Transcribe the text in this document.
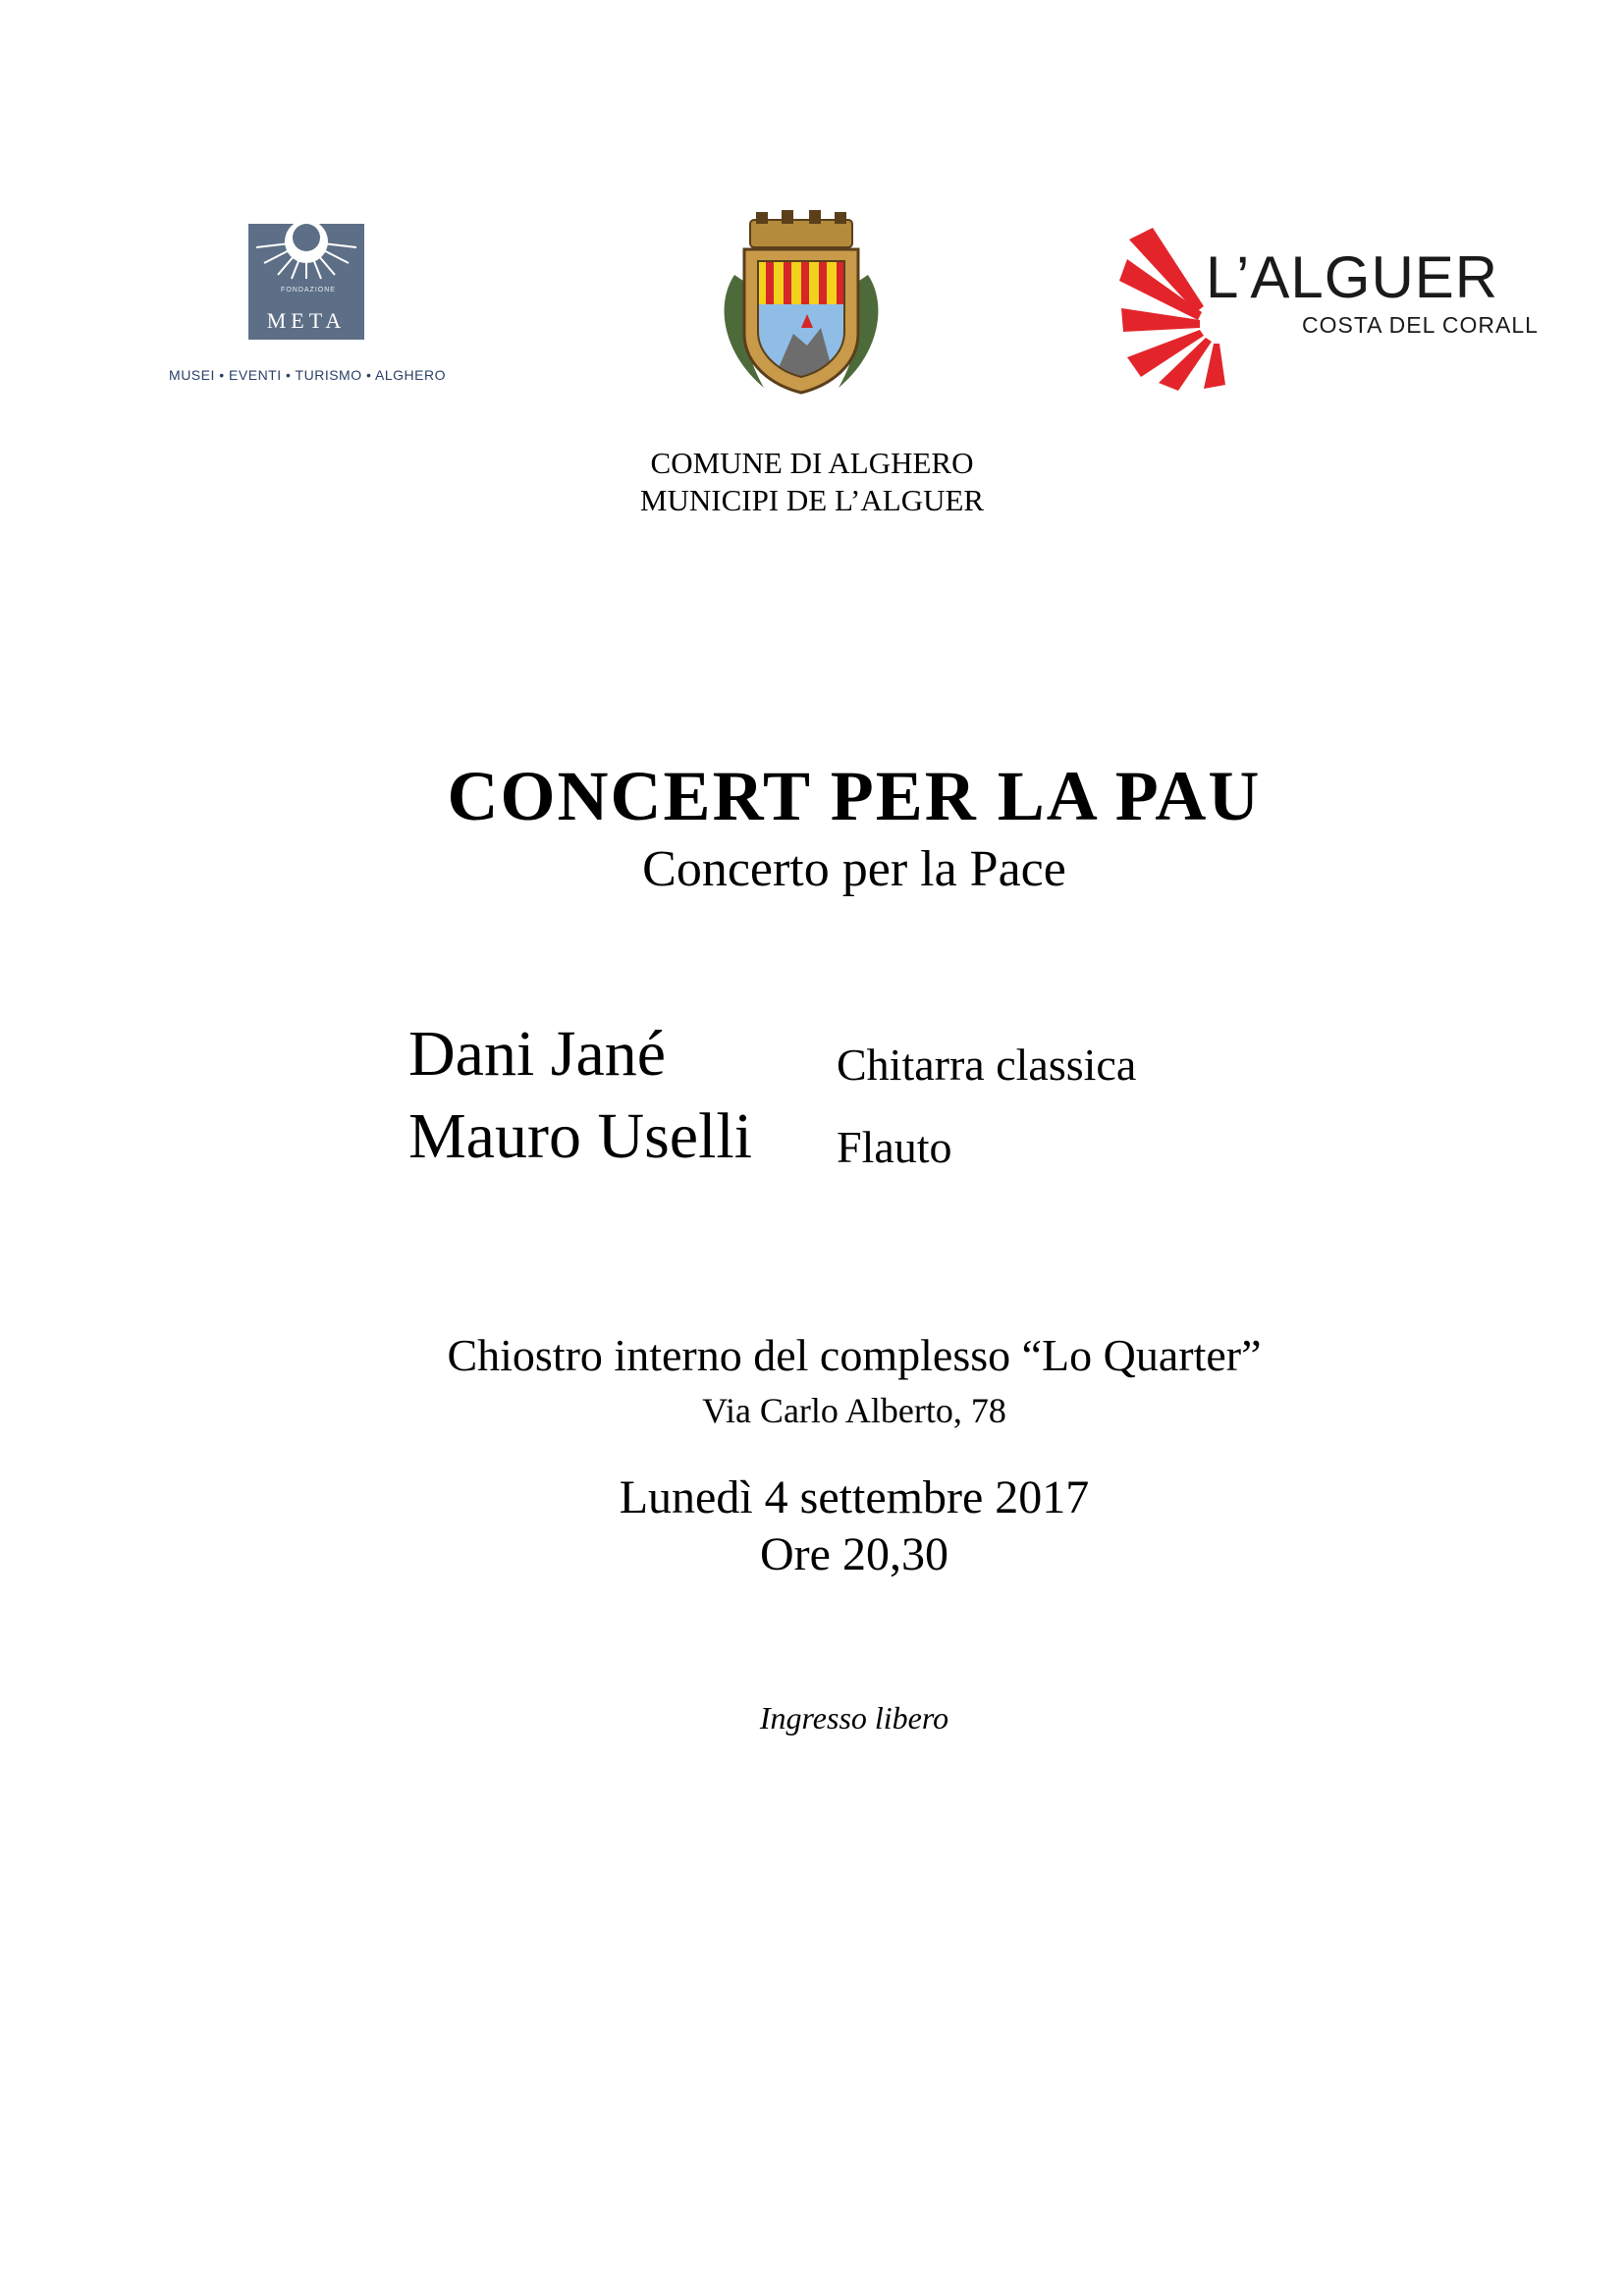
FONDAZIONE
META
MUSEI • EVENTI • TURISMO • ALGHERO
L’ALGUER
COSTA DEL CORALL
COMUNE DI ALGHERO
MUNICIPI DE L’ALGUER
CONCERT PER LA PAU
Concerto per la Pace
Dani Jané	Chitarra classica
Mauro Uselli Flauto
Chiostro interno del complesso “Lo Quarter”
Via Carlo Alberto, 78
Lunedì 4 settembre 2017
Ore 20,30
Ingresso libero
